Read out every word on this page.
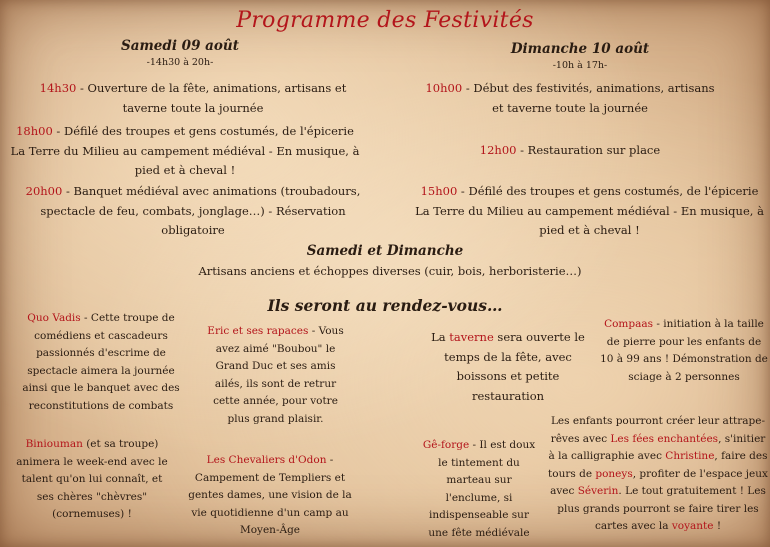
Programme des Festivités
Samedi 09 août
-14h30 à 20h-
14h30 - Ouverture de la fête, animations, artisans et taverne toute la journée
18h00 - Défilé des troupes et gens costumés, de l'épicerie La Terre du Milieu au campement médiéval - En musique, à pied et à cheval !
20h00 - Banquet médiéval avec animations (troubadours, spectacle de feu, combats, jonglage…) - Réservation obligatoire
Dimanche 10 août
-10h à 17h-
10h00 - Début des festivités, animations, artisans et taverne toute la journée
12h00 - Restauration sur place
15h00 - Défilé des troupes et gens costumés, de l'épicerie La Terre du Milieu au campement médiéval - En musique, à pied et à cheval !
Samedi et Dimanche
Artisans anciens et échoppes diverses (cuir, bois, herboristerie…)
Ils seront au rendez-vous…
Quo Vadis - Cette troupe de comédiens et cascadeurs passionnés d'escrime de spectacle aimera la journée ainsi que le banquet avec des reconstitutions de combats
Eric et ses rapaces - Vous avez aimé "Boubou" le Grand Duc et ses amis ailés, ils sont de retrur cette année, pour votre plus grand plaisir.
La taverne sera ouverte le temps de la fête, avec boissons et petite restauration
Compaas - initiation à la taille de pierre pour les enfants de 10 à 99 ans ! Démonstration de sciage à 2 personnes
Biniouman (et sa troupe) animera le week-end avec le talent qu'on lui connaît, et ses chères "chèvres" (cornemuses) !
Les Chevaliers d'Odon - Campement de Templiers et gentes dames, une vision de la vie quotidienne d'un camp au Moyen-Âge
Gê-forge - Il est doux le tintement du marteau sur l'enclume, si indispenseable sur une fête médiévale
Les enfants pourront créer leur attrape-rêves avec Les fées enchantées, s'initier à la calligraphie avec Christine, faire des tours de poneys, profiter de l'espace jeux avec Séverin. Le tout gratuitement ! Les plus grands pourront se faire tirer les cartes avec la voyante !
